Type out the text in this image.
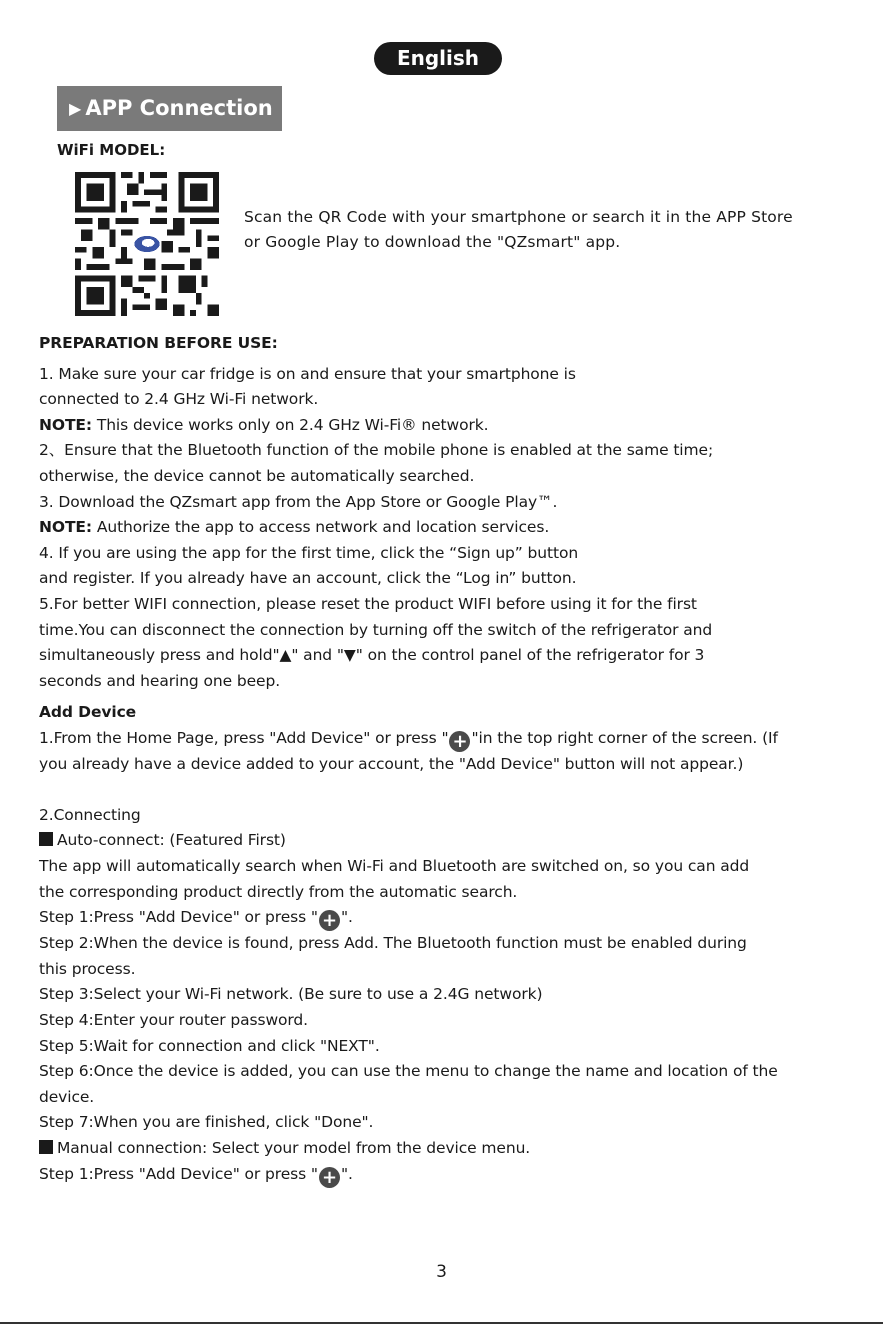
English
▶ APP Connection
WiFi MODEL:
Scan the QR Code with your smartphone or search it in the APP Store
or Google Play to download the "QZsmart" app.
PREPARATION BEFORE USE:
1. Make sure your car fridge is on and ensure that your smartphone is
connected to 2.4 GHz Wi-Fi network.
NOTE: This device works only on 2.4 GHz Wi-Fi® network.
2、Ensure that the Bluetooth function of the mobile phone is enabled at the same time;
otherwise, the device cannot be automatically searched.
3. Download the QZsmart app from the App Store or Google Play™.
NOTE: Authorize the app to access network and location services.
4. If you are using the app for the first time, click the “Sign up” button
and register. If you already have an account, click the “Log in” button.
5.For better WIFI connection, please reset the product WIFI before using it for the first
time.You can disconnect the connection by turning off the switch of the refrigerator and
simultaneously press and hold"▲" and "▼" on the control panel of the refrigerator for 3
seconds and hearing one beep.
Add Device
1.From the Home Page, press "Add Device" or press " + "in the top right corner of the screen. (If
you already have a device added to your account, the "Add Device" button will not appear.)
2.Connecting
Auto-connect: (Featured First)
The app will automatically search when Wi-Fi and Bluetooth are switched on, so you can add
the corresponding product directly from the automatic search.
Step 1:Press "Add Device" or press " + ".
Step 2:When the device is found, press Add. The Bluetooth function must be enabled during
this process.
Step 3:Select your Wi-Fi network. (Be sure to use a 2.4G network)
Step 4:Enter your router password.
Step 5:Wait for connection and click "NEXT".
Step 6:Once the device is added, you can use the menu to change the name and location of the
device.
Step 7:When you are finished, click "Done".
Manual connection: Select your model from the device menu.
Step 1:Press "Add Device" or press " + ".
3
